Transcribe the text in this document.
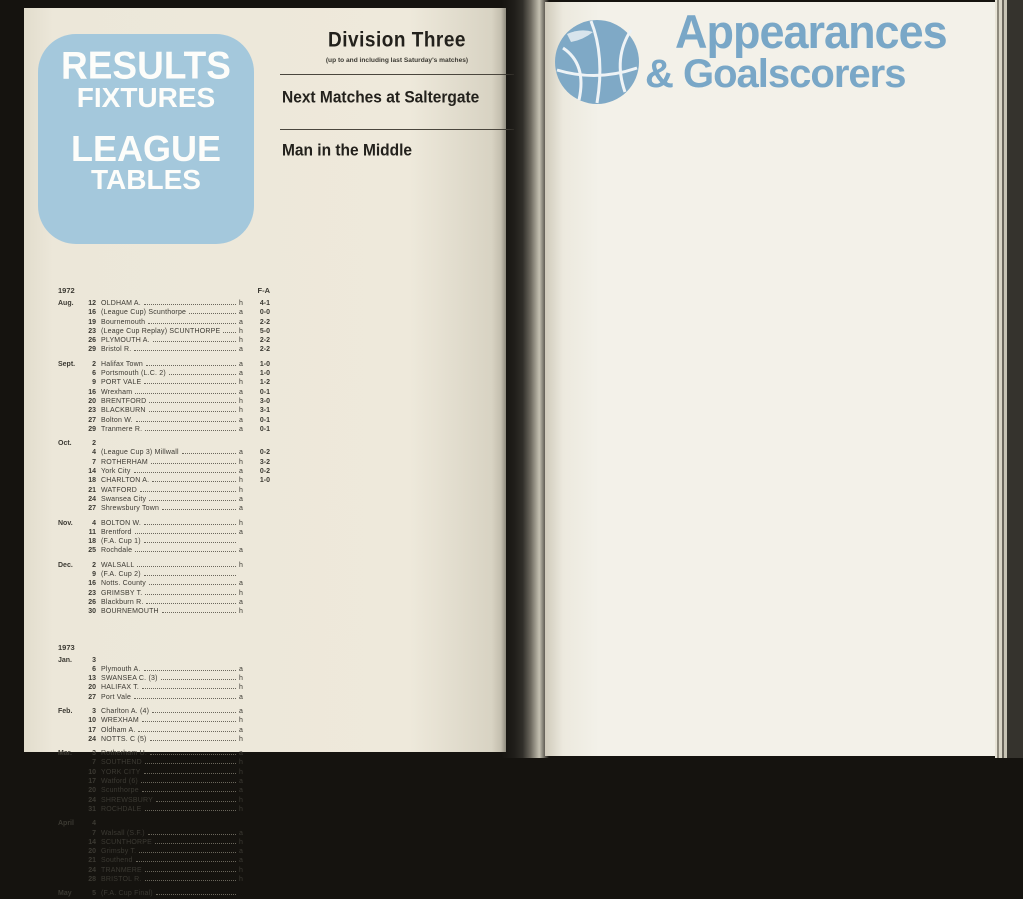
RESULTS
FIXTURES
LEAGUE
TABLES
1972	F-A
Aug.	12 OLDHAM A.	h	4-1
16 (League Cup) Scunthorpe	a	0-0
19 Bournemouth	a	2-2
23 (Leage Cup Replay) SCUNTHORPE	h	5-0
26 PLYMOUTH A.	h	2-2
29 Bristol R.	a	2-2
Sept.	2 Halifax Town	a	1-0
6 Portsmouth (L.C. 2)	a	1-0
9 PORT VALE	h	1-2
16 Wrexham	a	0-1
20 BRENTFORD	h	3-0
23 BLACKBURN	h	3-1
27 Bolton W.	a	0-1
29 Tranmere R.	a	0-1
Oct.	2
4 (League Cup 3) Millwall	a	0-2
7 ROTHERHAM	h	3-2
14 York City	a	0-2
18 CHARLTON A.	h	1-0
21 WATFORD	h
24 Swansea City	a
27 Shrewsbury Town	a
Nov.	4 BOLTON W.	h
11 Brentford	a
18 (F.A. Cup 1)
25 Rochdale	a
Dec.	2 WALSALL	h
9 (F.A. Cup 2)
16 Notts. County	a
23 GRIMSBY T.	h
26 Blackburn R.	a
30 BOURNEMOUTH	h
1973
Jan.	3
6 Plymouth A.	a
13 SWANSEA C. (3)	h
20 HALIFAX T.	h
27 Port Vale	a
Feb.	3 Charlton A. (4)	a
10 WREXHAM	h
17 Oldham A.	a
24 NOTTS. C (5)	h
Mar.	3 Rotherham U.	a
7 SOUTHEND	h
10 YORK CITY	h
17 Watford (6)	a
20 Scunthorpe	a
24 SHREWSBURY	h
31 ROCHDALE	h
April	4
7 Walsall (S.F.)	a
14 SCUNTHORPE	h
20 Grimsby T.	a
21 Southend	a
24 TRANMERE	h
28 BRISTOL R.	h
May	5 (F.A. Cup Final)
Division Three
(up to and including last Saturday's matches)
Next Matches at Saltergate
Man in the Middle
Appearances
& Goalscorers
